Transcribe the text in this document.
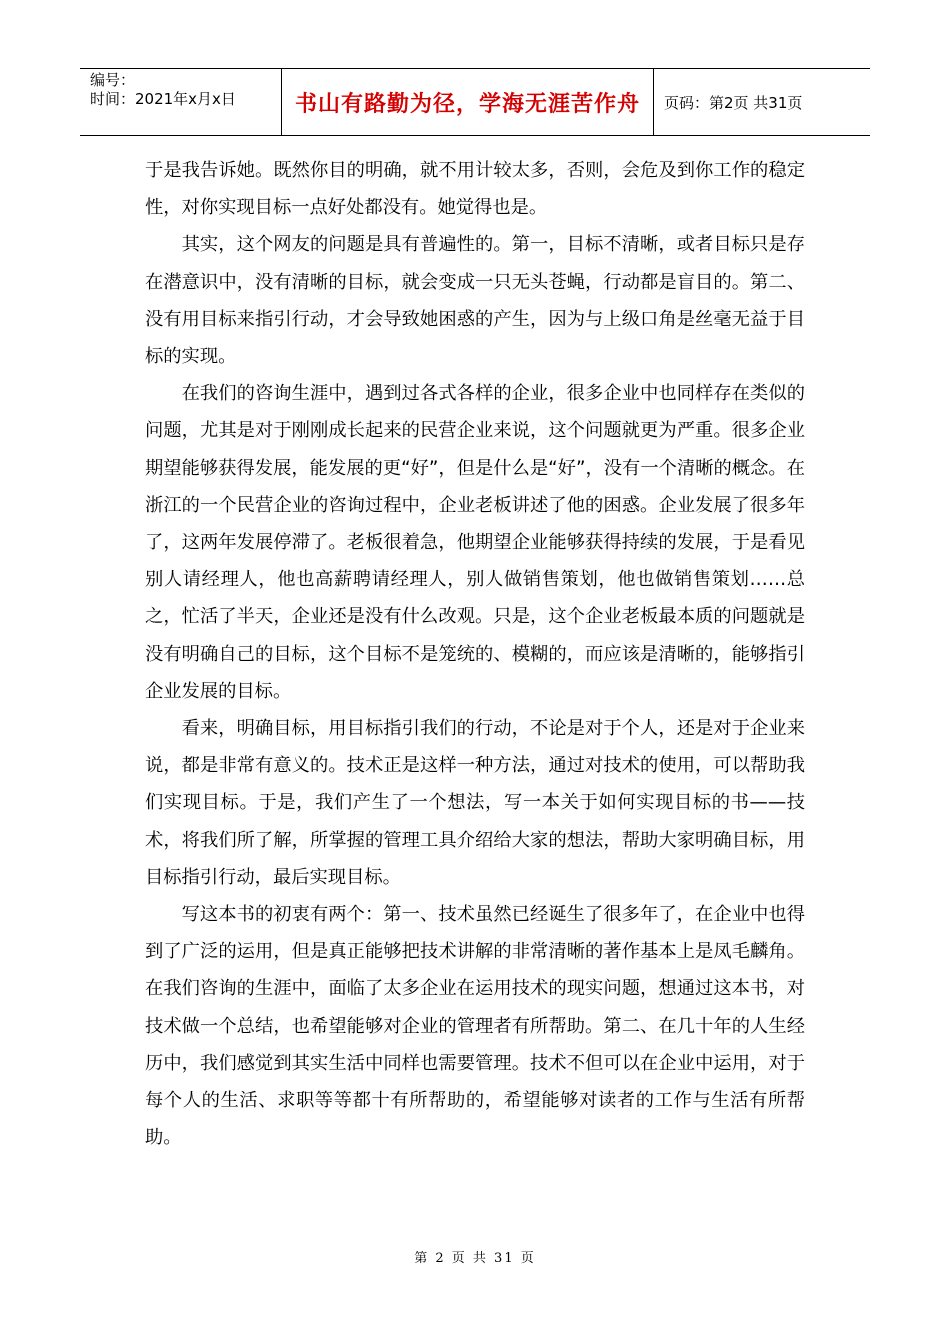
编号：
时间：2021年x月x日	书山有路勤为径，学海无涯苦作舟	页码：第2页 共31页

于是我告诉她。既然你目的明确，就不用计较太多，否则，会危及到你工作的稳定性，对你实现目标一点好处都没有。她觉得也是。

其实，这个网友的问题是具有普遍性的。第一，目标不清晰，或者目标只是存在潜意识中，没有清晰的目标，就会变成一只无头苍蝇，行动都是盲目的。第二、没有用目标来指引行动，才会导致她困惑的产生，因为与上级口角是丝毫无益于目标的实现。

在我们的咨询生涯中，遇到过各式各样的企业，很多企业中也同样存在类似的问题，尤其是对于刚刚成长起来的民营企业来说，这个问题就更为严重。很多企业期望能够获得发展，能发展的更“好”，但是什么是“好”，没有一个清晰的概念。在浙江的一个民营企业的咨询过程中，企业老板讲述了他的困惑。企业发展了很多年了，这两年发展停滞了。老板很着急，他期望企业能够获得持续的发展，于是看见别人请经理人，他也高薪聘请经理人，别人做销售策划，他也做销售策划……总之，忙活了半天，企业还是没有什么改观。只是，这个企业老板最本质的问题就是没有明确自己的目标，这个目标不是笼统的、模糊的，而应该是清晰的，能够指引企业发展的目标。

看来，明确目标，用目标指引我们的行动，不论是对于个人，还是对于企业来说，都是非常有意义的。技术正是这样一种方法，通过对技术的使用，可以帮助我们实现目标。于是，我们产生了一个想法，写一本关于如何实现目标的书——技术，将我们所了解，所掌握的管理工具介绍给大家的想法，帮助大家明确目标，用目标指引行动，最后实现目标。

写这本书的初衷有两个：第一、技术虽然已经诞生了很多年了，在企业中也得到了广泛的运用，但是真正能够把技术讲解的非常清晰的著作基本上是凤毛麟角。在我们咨询的生涯中，面临了太多企业在运用技术的现实问题，想通过这本书，对技术做一个总结，也希望能够对企业的管理者有所帮助。第二、在几十年的人生经历中，我们感觉到其实生活中同样也需要管理。技术不但可以在企业中运用，对于每个人的生活、求职等等都十有所帮助的，希望能够对读者的工作与生活有所帮助。

第 2 页 共 31 页
